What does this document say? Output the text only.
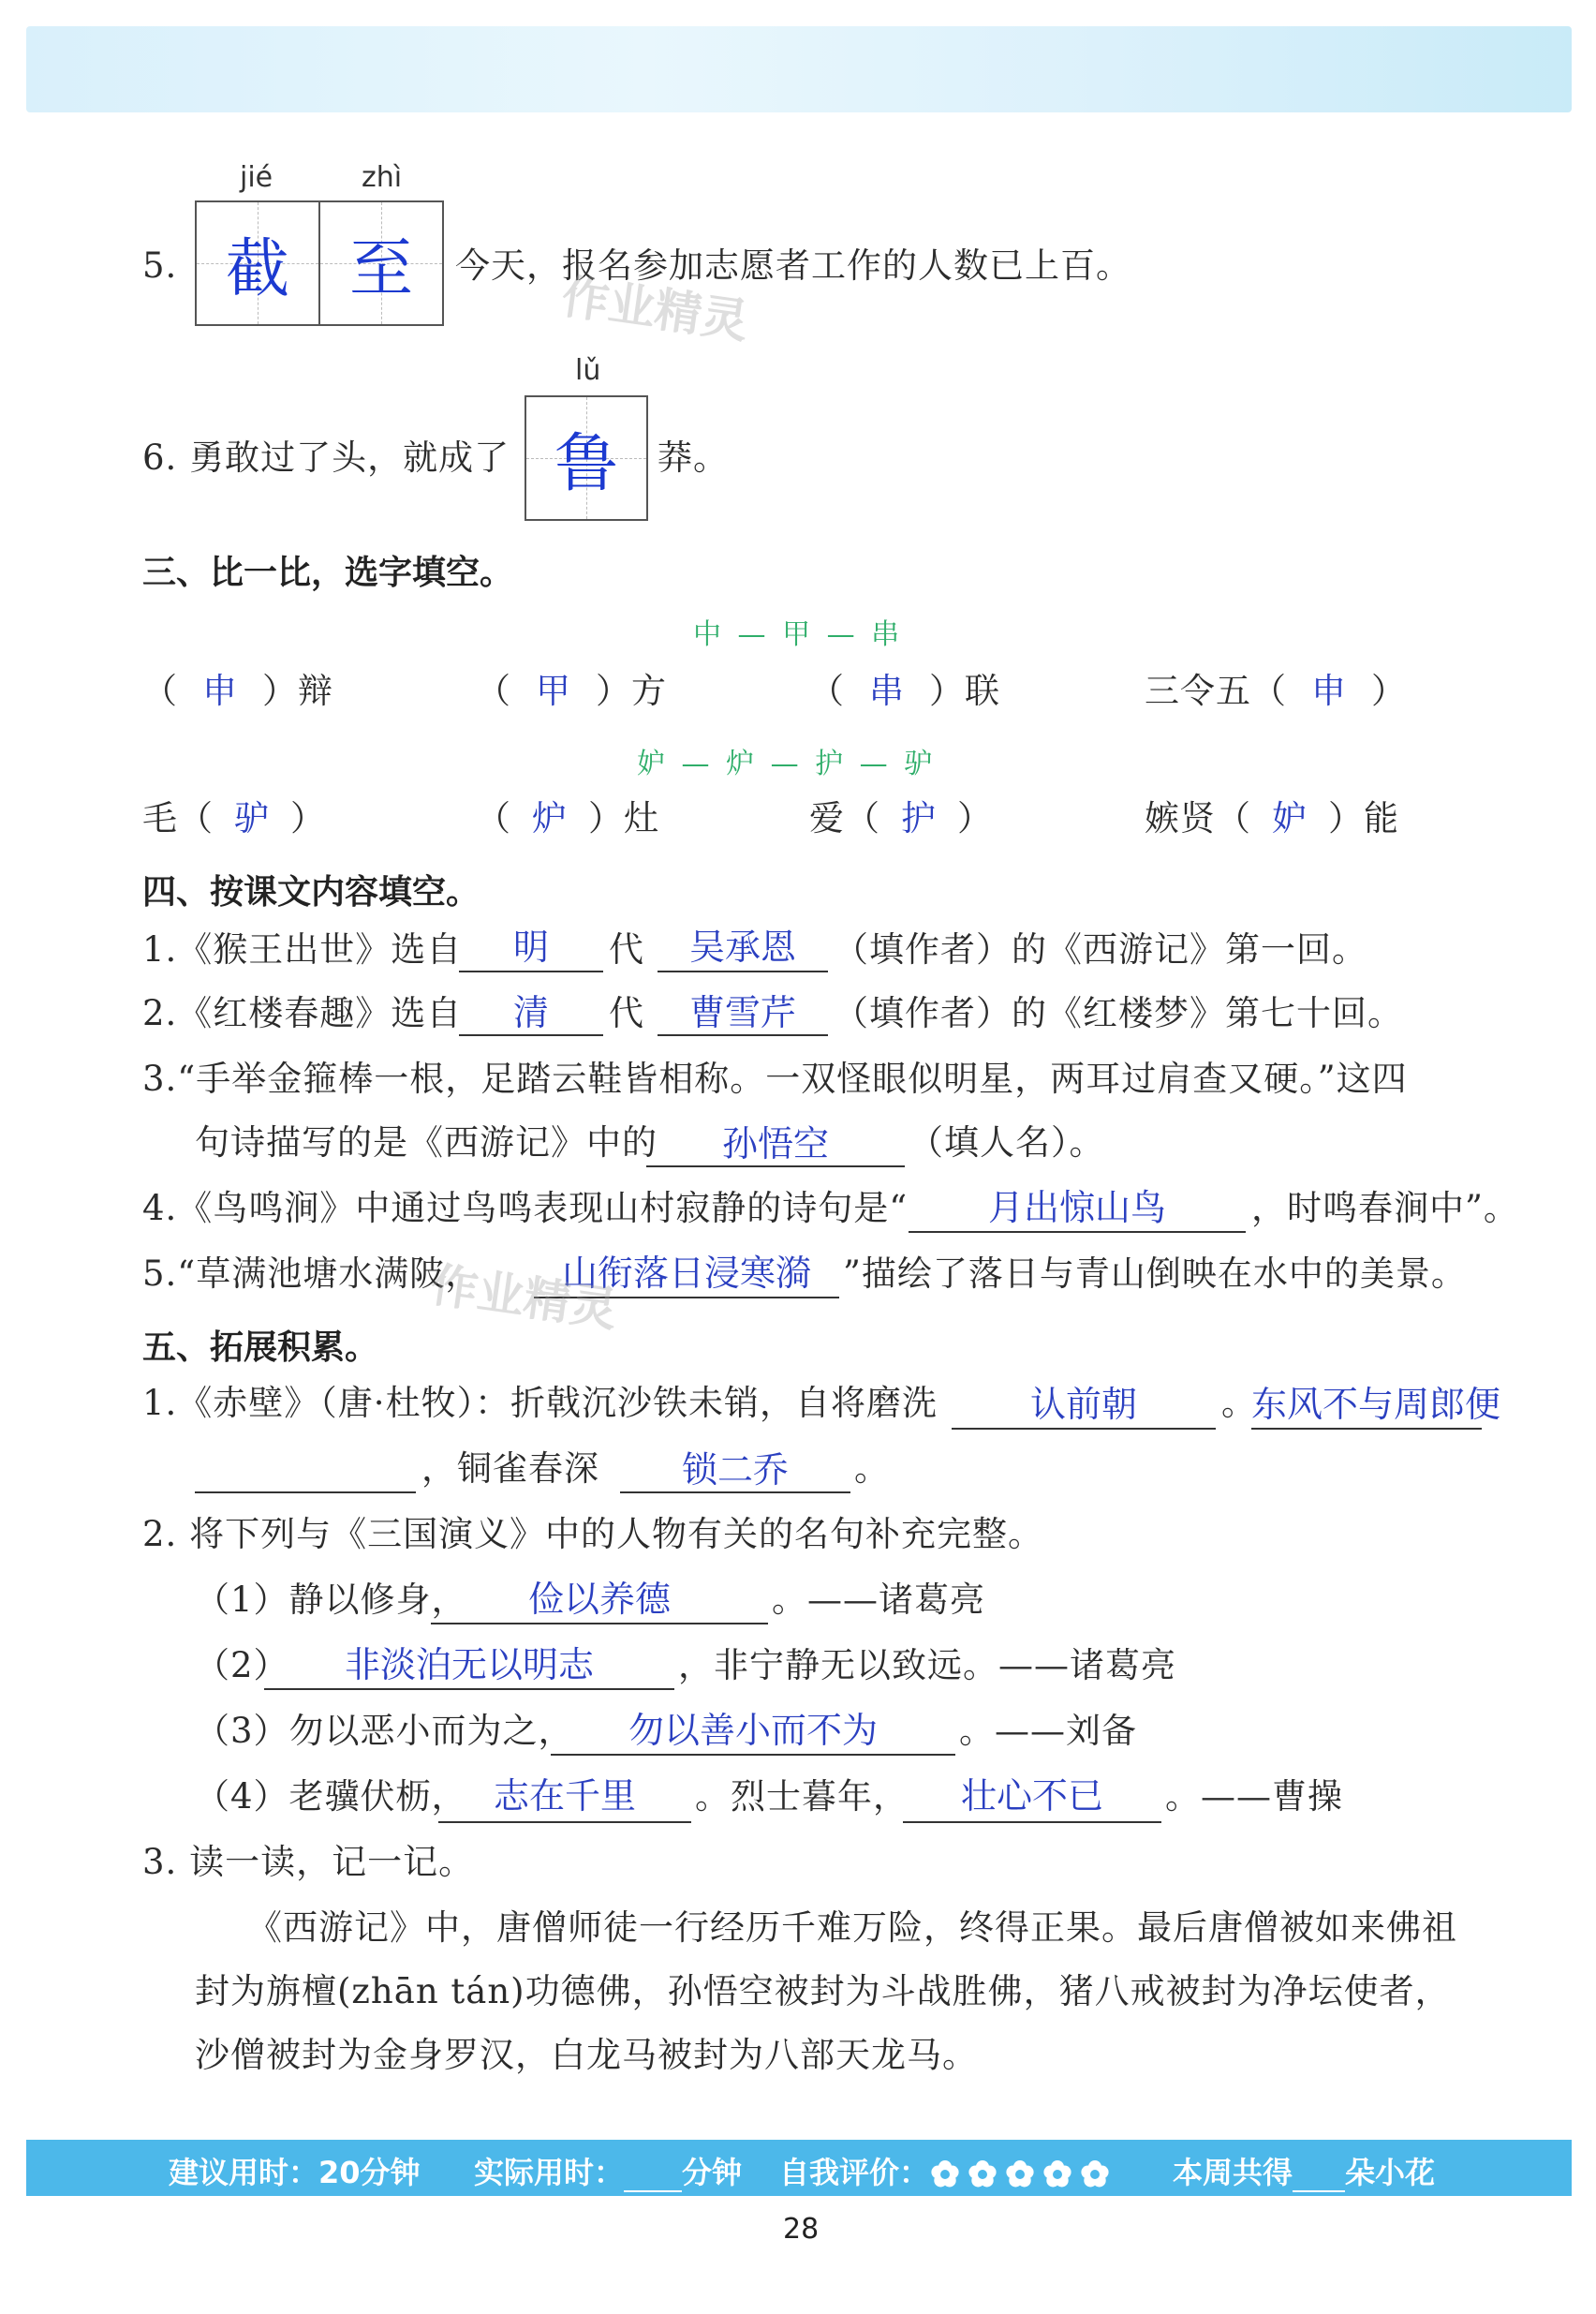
5.
jié	zhì
截 至 今天，报名参加志愿者工作的人数已上百。
作业精灵
6. 勇敢过了头，就成了
lǔ
鲁 莽。
三、比一比，选字填空。
中 — 甲 — 串
（ 申 ）辩	（ 甲 ）方	（ 串 ）联	三令五（ 申 ）
妒 — 炉 — 护 — 驴
毛（ 驴 ）	（ 炉 ）灶	爱（ 护 ）	嫉贤（ 妒 ）能
四、按课文内容填空。
1.《猴王出世》选自	明	代	吴承恩	（填作者）的《西游记》第一回。
2.《红楼春趣》选自	清	代	曹雪芹	（填作者）的《红楼梦》第七十回。
3.“手举金箍棒一根，足踏云鞋皆相称。一双怪眼似明星，两耳过肩查又硬。”这四
句诗描写的是《西游记》中的	孙悟空	（填人名）。
4.《鸟鸣涧》中通过鸟鸣表现山村寂静的诗句是“	月出惊山鸟	，时鸣春涧中”。
5.“草满池塘水满陂，	山衔落日浸寒漪 ”描绘了落日与青山倒映在水中的美景。
作业精灵
五、拓展积累。
1.《赤壁》（唐·杜牧）：折戟沉沙铁未销，自将磨洗	认前朝	。
东风不与周郎便
，铜雀春深	锁二乔	。
2. 将下列与《三国演义》中的人物有关的名句补充完整。
（1）静以修身，	俭以养德	。——诸葛亮
（2）	非淡泊无以明志	，非宁静无以致远。——诸葛亮
（3）勿以恶小而为之，	勿以善小而不为	。——刘备
（4）老骥伏枥， 志在千里	。烈士暮年，	壮心不已	。——曹操
3. 读一读，记一记。
《西游记》中，唐僧师徒一行经历千难万险，终得正果。最后唐僧被如来佛祖
封为旃檀(zhān tán)功德佛，孙悟空被封为斗战胜佛，猪八戒被封为净坛使者，
沙僧被封为金身罗汉，白龙马被封为八部天龙马。
建议用时：20分钟 实际用时： 分钟 自我评价：	本周共得 朵小花
28
